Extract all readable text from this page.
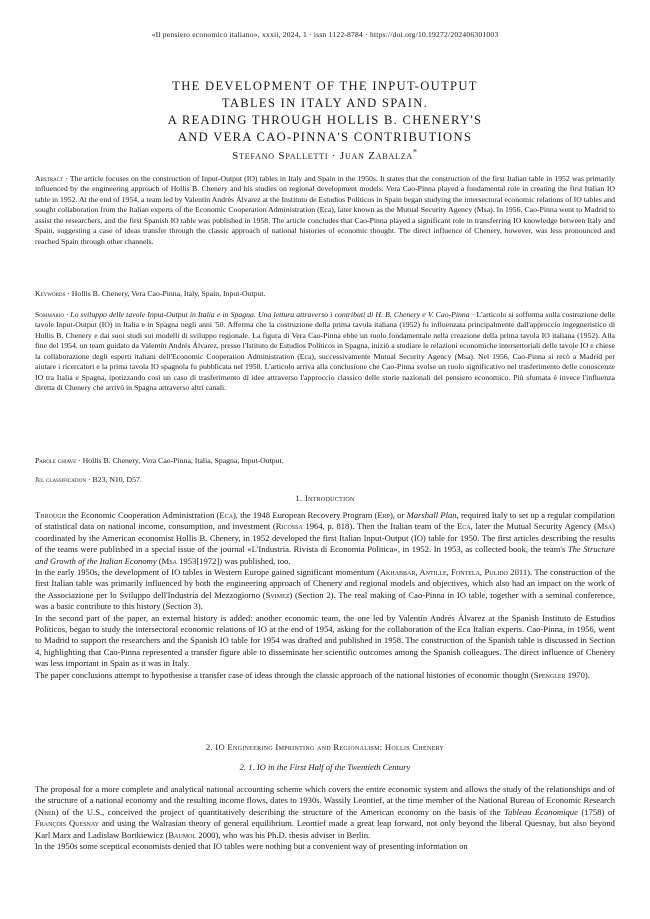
«Il pensiero economico italiano», xxxii, 2024, 1 · issn 1122-8784 · https://doi.org/10.19272/202406301003
THE DEVELOPMENT OF THE INPUT-OUTPUT
TABLES IN ITALY AND SPAIN.
A READING THROUGH HOLLIS B. CHENERY'S
AND VERA CAO-PINNA'S CONTRIBUTIONS
Stefano Spalletti · Juan Zabalza*
Abstract · The article focuses on the construction of Input-Output (IO) tables in Italy and Spain in the 1950s. It states that the construction of the first Italian table in 1952 was primarily influenced by the engineering approach of Hollis B. Chenery and his studies on regional development models. Vera Cao-Pinna played a fundamental role in creating the first Italian IO table in 1952. At the end of 1954, a team led by Valentín Andrés Álvarez at the Instituto de Estudios Políticos in Spain began studying the intersectoral economic relations of IO tables and sought collaboration from the Italian experts of the Economic Cooperation Administration (Eca), later known as the Mutual Security Agency (Msa). In 1956, Cao-Pinna went to Madrid to assist the researchers, and the first Spanish IO table was published in 1958. The article concludes that Cao-Pinna played a significant role in transferring IO knowledge between Italy and Spain, suggesting a case of ideas transfer through the classic approach of national histories of economic thought. The direct influence of Chenery, however, was less pronounced and reached Spain through other channels.
Keywords · Hollis B. Chenery, Vera Cao-Pinna, Italy, Spain, Input-Output.
Sommario · Lo sviluppo delle tavole Input-Output in Italia e in Spagna. Una lettura attraverso i contributi di H. B. Chenery e V. Cao-Pinna · L'articolo si sofferma sulla costruzione delle tavole Input-Output (IO) in Italia e in Spagna negli anni '50. Afferma che la costruzione della prima tavola italiana (1952) fu influenzata principalmente dall'approccio ingegneristico di Hollis B. Chenery e dai suoi studi sui modelli di sviluppo regionale. La figura di Vera Cao-Pinna ebbe un ruolo fondamentale nella creazione della prima tavola IO italiana (1952). Alla fine del 1954, un team guidato da Valentín Andrés Álvarez, presso l'Istituto de Estudios Políticos in Spagna, iniziò a studiare le relazioni economiche intersettoriali delle tavole IO e chiese la collaborazione degli esperti italiani dell'Economic Cooperation Administration (Eca), successivamente Mutual Security Agency (Msa). Nel 1956, Cao-Pinna si recò a Madrid per aiutare i ricercatori e la prima tavola IO spagnola fu pubblicata nel 1958. L'articolo arriva alla conclusione che Cao-Pinna svolse un ruolo significativo nel trasferimento delle conoscenze IO tra Italia e Spagna, ipotizzando così un caso di trasferimento di idee attraverso l'approccio classico delle storie nazionali del pensiero economico. Più sfumata è invece l'influenza diretta di Chenery che arrivò in Spagna attraverso altri canali.
Parole chiave · Hollis B. Chenery, Vera Cao-Pinna, Italia, Spagna, Input-Output.
Jel classification · B23, N10, D57.
1. Introduction

Through the Economic Cooperation Administration (Eca), the 1948 European Recovery Program (Erp), or Marshall Plan, required Italy to set up a regular compilation of statistical data on national income, consumption, and investment (Ricossa 1964, p. 818). Then the Italian team of the Eca, later the Mutual Security Agency (Msa) coordinated by the American economist Hollis B. Chenery, in 1952 developed the first Italian Input-Output (IO) table for 1950. The first articles describing the results of the teams were published in a special issue of the journal «L'Industria. Rivista di Economia Politica», in 1952. In 1953, as collected book, the team's The Structure and Growth of the Italian Economy (Msa 1953[1972]) was published, too.

In the early 1950s, the development of IO tables in Western Europe gained significant momentum (Akhabbar, Antille, Fontela, Pulido 2011). The construction of the first Italian table was primarily influenced by both the engineering approach of Chenery and regional models and objectives, which also had an impact on the work of the Associazione per lo Sviluppo dell'Industria del Mezzogiorno (Svimez) (Section 2). The real making of Cao-Pinna in IO table, together with a seminal conference, was a basic contribute to this history (Section 3).

In the second part of the paper, an external history is added: another economic team, the one led by Valentín Andrés Álvarez at the Spanish Instituto de Estudios Políticos, began to study the intersectoral economic relations of IO at the end of 1954, asking for the collaboration of the Eca Italian experts. Cao-Pinna, in 1956, went to Madrid to support the researchers and the Spanish IO table for 1954 was drafted and published in 1958. The construction of the Spanish table is discussed in Section 4, highlighting that Cao-Pinna represented a transfer figure able to disseminate her scientific outcomes among the Spanish colleagues. The direct influence of Chenery was less important in Spain as it was in Italy.

The paper conclusions attempt to hypothesise a transfer case of ideas through the classic approach of the national histories of economic thought (Spengler 1970).

2. IO Engineering Imprinting and Regionalism: Hollis Chenery
2. 1. IO in the First Half of the Twentieth Century

The proposal for a more complete and analytical national accounting scheme which covers the entire economic system and allows the study of the relationships and of the structure of a national economy and the resulting income flows, dates to 1930s. Wassily Leontief, at the time member of the National Bureau of Economic Research (Nber) of the U.S., conceived the project of quantitatively describing the structure of the American economy on the basis of the Tableau Économique (1758) of François Quesnay and using the Walrasian theory of general equilibrium. Leontief made a great leap forward, not only beyond the liberal Quesnay, but also beyond Karl Marx and Ladislaw Bortkiewicz (Baumol 2000), who was his Ph.D. thesis adviser in Berlin.

In the 1950s some sceptical economists denied that IO tables were nothing but a convenient way of presenting information on
